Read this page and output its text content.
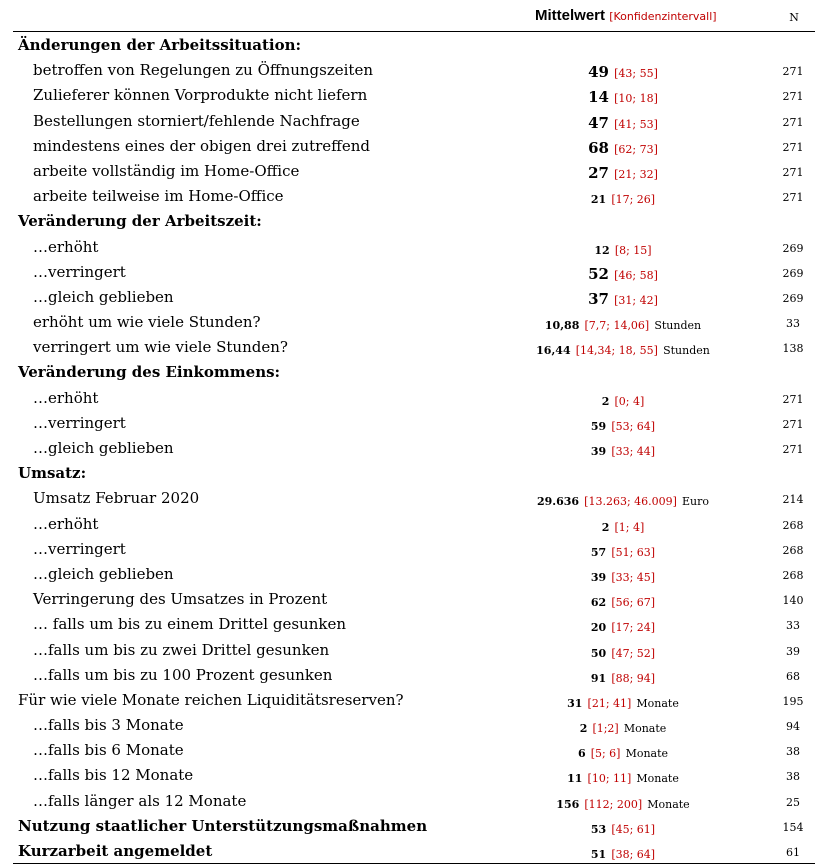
Mittelwert [Konfidenzintervall]	N
Änderungen der Arbeitssituation:
betroffen von Regelungen zu Öffnungszeiten	49 [43; 55]	271
Zulieferer können Vorprodukte nicht liefern	14 [10; 18]	271
Bestellungen storniert/fehlende Nachfrage	47 [41; 53]	271
mindestens eines der obigen drei zutreffend	68 [62; 73]	271
arbeite vollständig im Home-Office	27 [21; 32]	271
arbeite teilweise im Home-Office	21 [17; 26]	271
Veränderung der Arbeitszeit:
…erhöht	12 [8; 15]	269
…verringert	52 [46; 58]	269
…gleich geblieben	37 [31; 42]	269
erhöht um wie viele Stunden?	10,88 [7,7; 14,06] Stunden	33
verringert um wie viele Stunden?	16,44 [14,34; 18, 55] Stunden	138
Veränderung des Einkommens:
…erhöht	2 [0; 4]	271
…verringert	59 [53; 64]	271
…gleich geblieben	39 [33; 44]	271
Umsatz:
Umsatz Februar 2020	29.636 [13.263; 46.009] Euro	214
…erhöht	2 [1; 4]	268
…verringert	57 [51; 63]	268
…gleich geblieben	39 [33; 45]	268
Verringerung des Umsatzes in Prozent	62 [56; 67]	140
… falls um bis zu einem Drittel gesunken	20 [17; 24]	33
…falls um bis zu zwei Drittel gesunken	50 [47; 52]	39
…falls um bis zu 100 Prozent gesunken	91 [88; 94]	68
Für wie viele Monate reichen Liquiditätsreserven?	31 [21; 41] Monate	195
…falls bis 3 Monate	2 [1;2] Monate	94
…falls bis 6 Monate	6 [5; 6] Monate	38
…falls bis 12 Monate	11 [10; 11] Monate	38
…falls länger als 12 Monate	156 [112; 200] Monate	25
Nutzung staatlicher Unterstützungsmaßnahmen	53 [45; 61]	154
Kurzarbeit angemeldet	51 [38; 64]	61
